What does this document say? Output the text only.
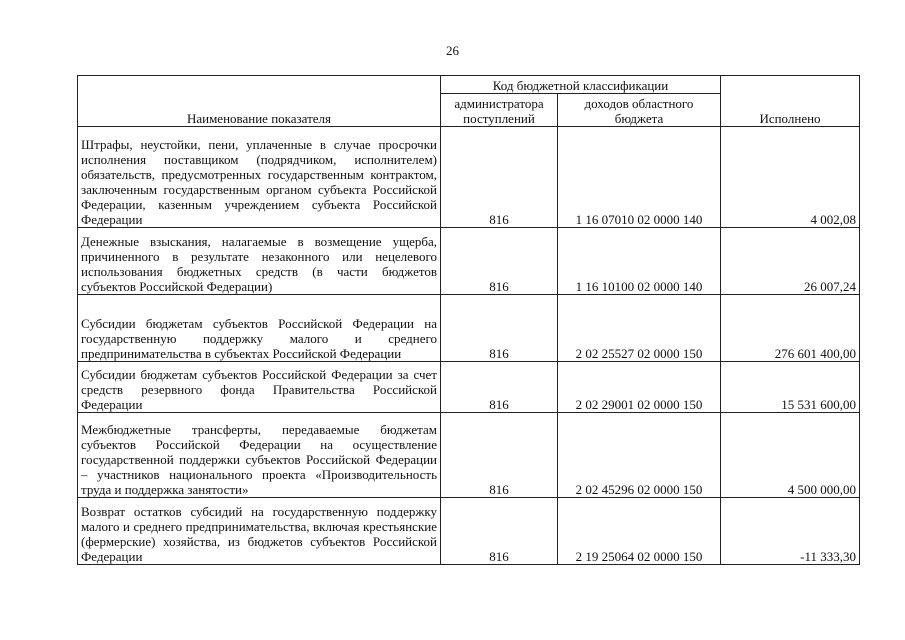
26
Наименование показателя	Код бюджетной классификации		Исполнено
	администратора поступлений	доходов областного бюджета	
Штрафы, неустойки, пени, уплаченные в случае просрочки исполнения поставщиком (подрядчиком, исполнителем) обязательств, предусмотренных государственным контрактом, заключенным государственным органом субъекта Российской Федерации, казенным учреждением субъекта Российской Федерации	816	1 16 07010 02 0000 140	4 002,08
Денежные взыскания, налагаемые в возмещение ущерба, причиненного в результате незаконного или нецелевого использования бюджетных средств (в части бюджетов субъектов Российской Федерации)	816	1 16 10100 02 0000 140	26 007,24
Субсидии бюджетам субъектов Российской Федерации на государственную поддержку малого и среднего предпринимательства в субъектах Российской Федерации	816	2 02 25527 02 0000 150	276 601 400,00
Субсидии бюджетам субъектов Российской Федерации за счет средств резервного фонда Правительства Российской Федерации	816	2 02 29001 02 0000 150	15 531 600,00
Межбюджетные трансферты, передаваемые бюджетам субъектов Российской Федерации на осуществление государственной поддержки субъектов Российской Федерации – участников национального проекта «Производительность труда и поддержка занятости»	816	2 02 45296 02 0000 150	4 500 000,00
Возврат остатков субсидий на государственную поддержку малого и среднего предпринимательства, включая крестьянские (фермерские) хозяйства, из бюджетов субъектов Российской Федерации	816	2 19 25064 02 0000 150	-11 333,30
